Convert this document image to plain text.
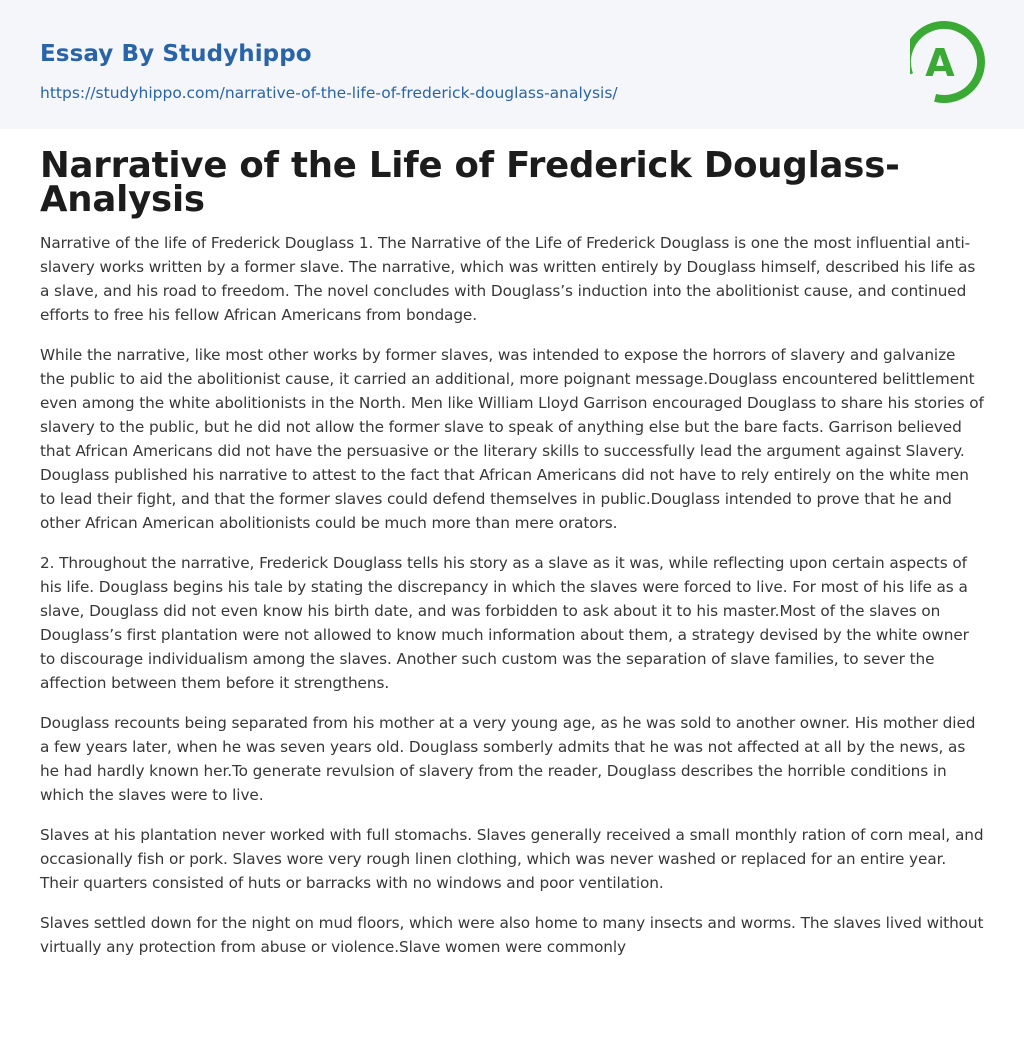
Essay By Studyhippo
https://studyhippo.com/narrative-of-the-life-of-frederick-douglass-analysis/
A
Narrative of the Life of Frederick Douglass- Analysis

Narrative of the life of Frederick Douglass 1. The Narrative of the Life of Frederick Douglass is one the most influential anti-slavery works written by a former slave. The narrative, which was written entirely by Douglass himself, described his life as a slave, and his road to freedom. The novel concludes with Douglass’s induction into the abolitionist cause, and continued efforts to free his fellow African Americans from bondage.

While the narrative, like most other works by former slaves, was intended to expose the horrors of slavery and galvanize the public to aid the abolitionist cause, it carried an additional, more poignant message.Douglass encountered belittlement even among the white abolitionists in the North. Men like William Lloyd Garrison encouraged Douglass to share his stories of slavery to the public, but he did not allow the former slave to speak of anything else but the bare facts. Garrison believed that African Americans did not have the persuasive or the literary skills to successfully lead the argument against Slavery. Douglass published his narrative to attest to the fact that African Americans did not have to rely entirely on the white men to lead their fight, and that the former slaves could defend themselves in public.Douglass intended to prove that he and other African American abolitionists could be much more than mere orators.

2. Throughout the narrative, Frederick Douglass tells his story as a slave as it was, while reflecting upon certain aspects of his life. Douglass begins his tale by stating the discrepancy in which the slaves were forced to live. For most of his life as a slave, Douglass did not even know his birth date, and was forbidden to ask about it to his master.Most of the slaves on Douglass’s first plantation were not allowed to know much information about them, a strategy devised by the white owner to discourage individualism among the slaves. Another such custom was the separation of slave families, to sever the affection between them before it strengthens.

Douglass recounts being separated from his mother at a very young age, as he was sold to another owner. His mother died a few years later, when he was seven years old. Douglass somberly admits that he was not affected at all by the news, as he had hardly known her.To generate revulsion of slavery from the reader, Douglass describes the horrible conditions in which the slaves were to live.

Slaves at his plantation never worked with full stomachs. Slaves generally received a small monthly ration of corn meal, and occasionally fish or pork. Slaves wore very rough linen clothing, which was never washed or replaced for an entire year. Their quarters consisted of huts or barracks with no windows and poor ventilation.

Slaves settled down for the night on mud floors, which were also home to many insects and worms. The slaves lived without virtually any protection from abuse or violence.Slave women were commonly
